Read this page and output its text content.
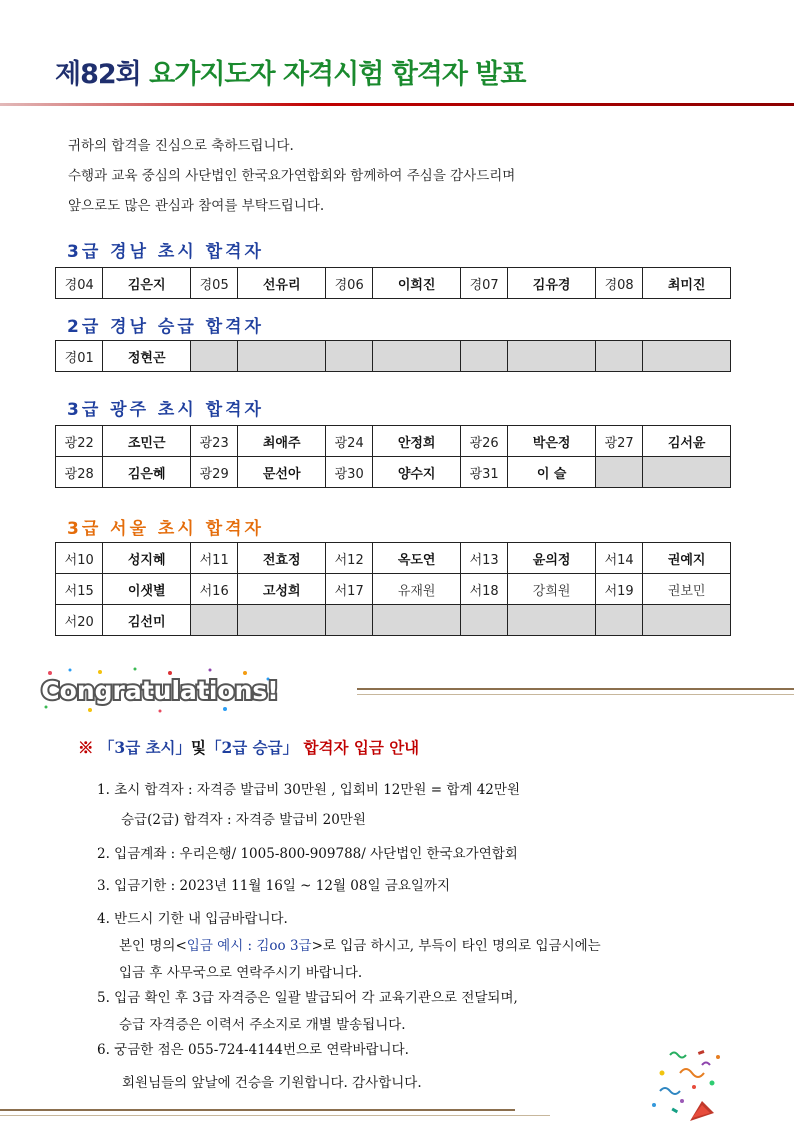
제82회 요가지도자 자격시험 합격자 발표
귀하의 합격을 진심으로 축하드립니다.
수행과 교육 중심의 사단법인 한국요가연합회와 함께하여 주심을 감사드리며
앞으로도 많은 관심과 참여를 부탁드립니다.
3급 경남 초시 합격자
경04	김은지	경05	선유리	경06	이희진	경07	김유경	경08	최미진
2급 경남 승급 합격자
경01	정현곤								
3급 광주 초시 합격자
광22	조민근	광23	최애주	광24	안정희	광26	박은정	광27	김서윤
광28	김은혜	광29	문선아	광30	양수지	광31	이 슬		
3급 서울 초시 합격자
서10	성지혜	서11	전효정	서12	옥도연	서13	윤의정	서14	권예지
서15	이샛별	서16	고성희	서17	유재원	서18	강희원	서19	권보민
서20	김선미								
Congratulations!
※ 「3급 초시」및「2급 승급」 합격자 입금 안내
1. 초시 합격자 : 자격증 발급비 30만원 , 입회비 12만원 = 합계 42만원
승급(2급) 합격자 : 자격증 발급비 20만원
2. 입금계좌 : 우리은행/ 1005-800-909788/ 사단법인 한국요가연합회
3. 입금기한 : 2023년 11월 16일 ~ 12월 08일 금요일까지
4. 반드시 기한 내 입금바랍니다.
본인 명의<입금 예시 : 김oo 3급>로 입금 하시고, 부득이 타인 명의로 입금시에는
입금 후 사무국으로 연락주시기 바랍니다.
5. 입금 확인 후 3급 자격증은 일괄 발급되어 각 교육기관으로 전달되며,
승급 자격증은 이력서 주소지로 개별 발송됩니다.
6. 궁금한 점은 055-724-4144번으로 연락바랍니다.
회원님들의 앞날에 건승을 기원합니다. 감사합니다.
